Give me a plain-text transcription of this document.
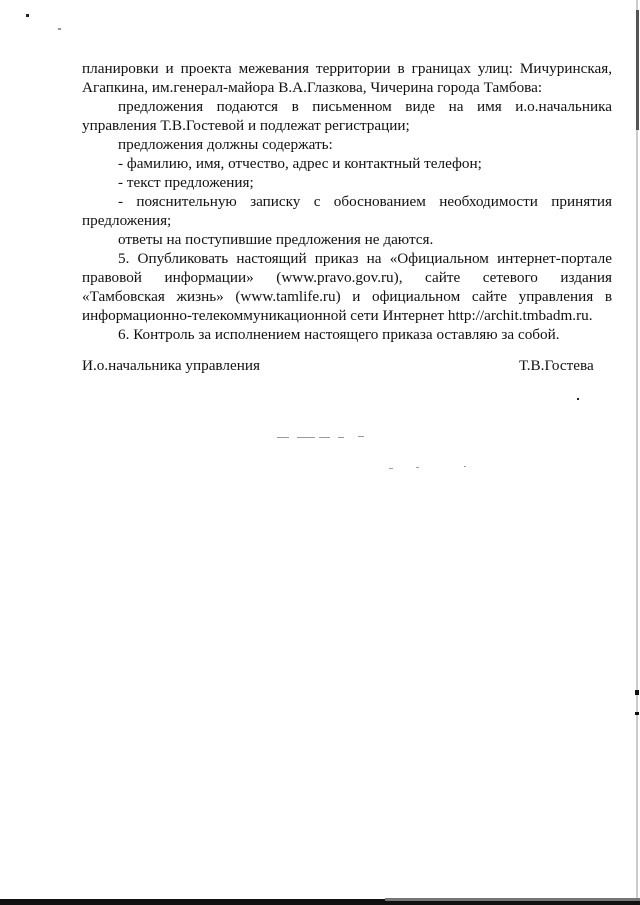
планировки и проекта межевания территории в границах улиц: Мичуринская,
Агапкина, им.генерал-майора В.А.Глазкова, Чичерина города Тамбова:
предложения подаются в письменном виде на имя и.о.начальника
управления Т.В.Гостевой и подлежат регистрации;
предложения должны содержать:
- фамилию, имя, отчество, адрес и контактный телефон;
- текст предложения;
- пояснительную записку с обоснованием необходимости принятия
предложения;
ответы на поступившие предложения не даются.
5. Опубликовать настоящий приказ на «Официальном интернет-портале
правовой информации» (www.pravo.gov.ru), сайте сетевого издания
«Тамбовская жизнь» (www.tamlife.ru) и официальном сайте управления в
информационно-телекоммуникационной сети Интернет http://archit.tmbadm.ru.
6. Контроль за исполнением настоящего приказа оставляю за собой.
И.о.начальника управления	Т.В.Гостева
